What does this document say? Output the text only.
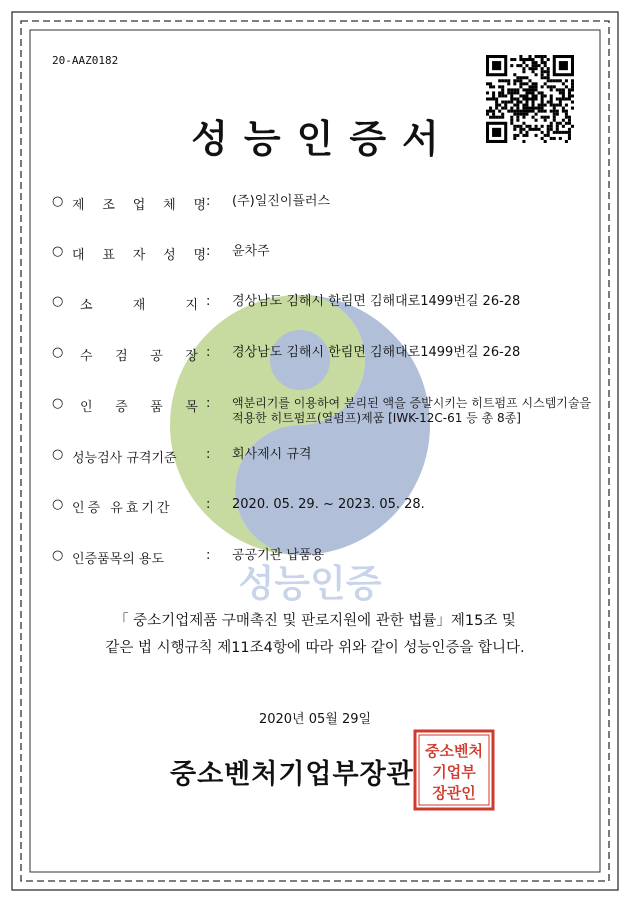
20-AAZ0182
성능인증서
성능인증
○ 제 조 업 체 명 : (주)일진이플러스
○ 대 표 자 성 명 : 윤차주
○ 소	재	지 : 경상남도 김해시 한림면 김해대로1499번길 26-28
○ 수 검 공 장 : 경상남도 김해시 한림면 김해대로1499번길 26-28
○ 인 증 품 목 : 액분리기를 이용하여 분리된 액을 증발시키는 히트펌프 시스템기술을 적용한 히트펌프(열펌프)제품 [IWK-12C-61 등 총 8종]
○ 성능검사 규격기준	: 회사제시 규격
○ 인증 유효기간	: 2020. 05. 29. ~ 2023. 05. 28.
○ 인증품목의 용도	: 공공기관 납품용
「 중소기업제품 구매촉진 및 판로지원에 관한 법률」제15조 및
같은 법 시행규칙 제11조4항에 따라 위와 같이 성능인증을 합니다.
2020년 05월 29일
중소벤처기업부장관
중소벤처
기업부
장관인
